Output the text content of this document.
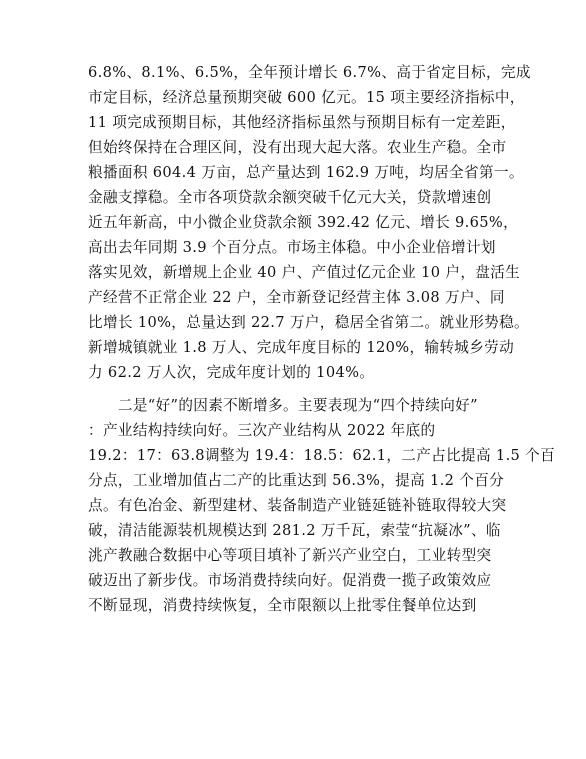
6.8%、8.1%、6.5%，全年预计增长 6.7%、高于省定目标，完成
市定目标，经济总量预期突破 600 亿元。15 项主要经济指标中，
11 项完成预期目标，其他经济指标虽然与预期目标有一定差距，
但始终保持在合理区间，没有出现大起大落。农业生产稳。全市
粮播面积 604.4 万亩，总产量达到 162.9 万吨，均居全省第一。
金融支撑稳。全市各项贷款余额突破千亿元大关，贷款增速创
近五年新高，中小微企业贷款余额 392.42 亿元、增长 9.65%，
高出去年同期 3.9 个百分点。市场主体稳。中小企业倍增计划
落实见效，新增规上企业 40 户、产值过亿元企业 10 户，盘活生
产经营不正常企业 22 户，全市新登记经营主体 3.08 万户、同
比增长 10%，总量达到 22.7 万户，稳居全省第二。就业形势稳。
新增城镇就业 1.8 万人、完成年度目标的 120%，输转城乡劳动
力 62.2 万人次，完成年度计划的 104%。
　　二是“好”的因素不断增多。主要表现为“四个持续向好”
：产业结构持续向好。三次产业结构从 2022 年底的
19.2：17：63.8调整为 19.4：18.5：62.1，二产占比提高 1.5 个百
分点，工业增加值占二产的比重达到 56.3%，提高 1.2 个百分
点。有色冶金、新型建材、装备制造产业链延链补链取得较大突
破，清洁能源装机规模达到 281.2 万千瓦，索莹“抗凝冰”、临
洮产教融合数据中心等项目填补了新兴产业空白，工业转型突
破迈出了新步伐。市场消费持续向好。促消费一揽子政策效应
不断显现，消费持续恢复，全市限额以上批零住餐单位达到
